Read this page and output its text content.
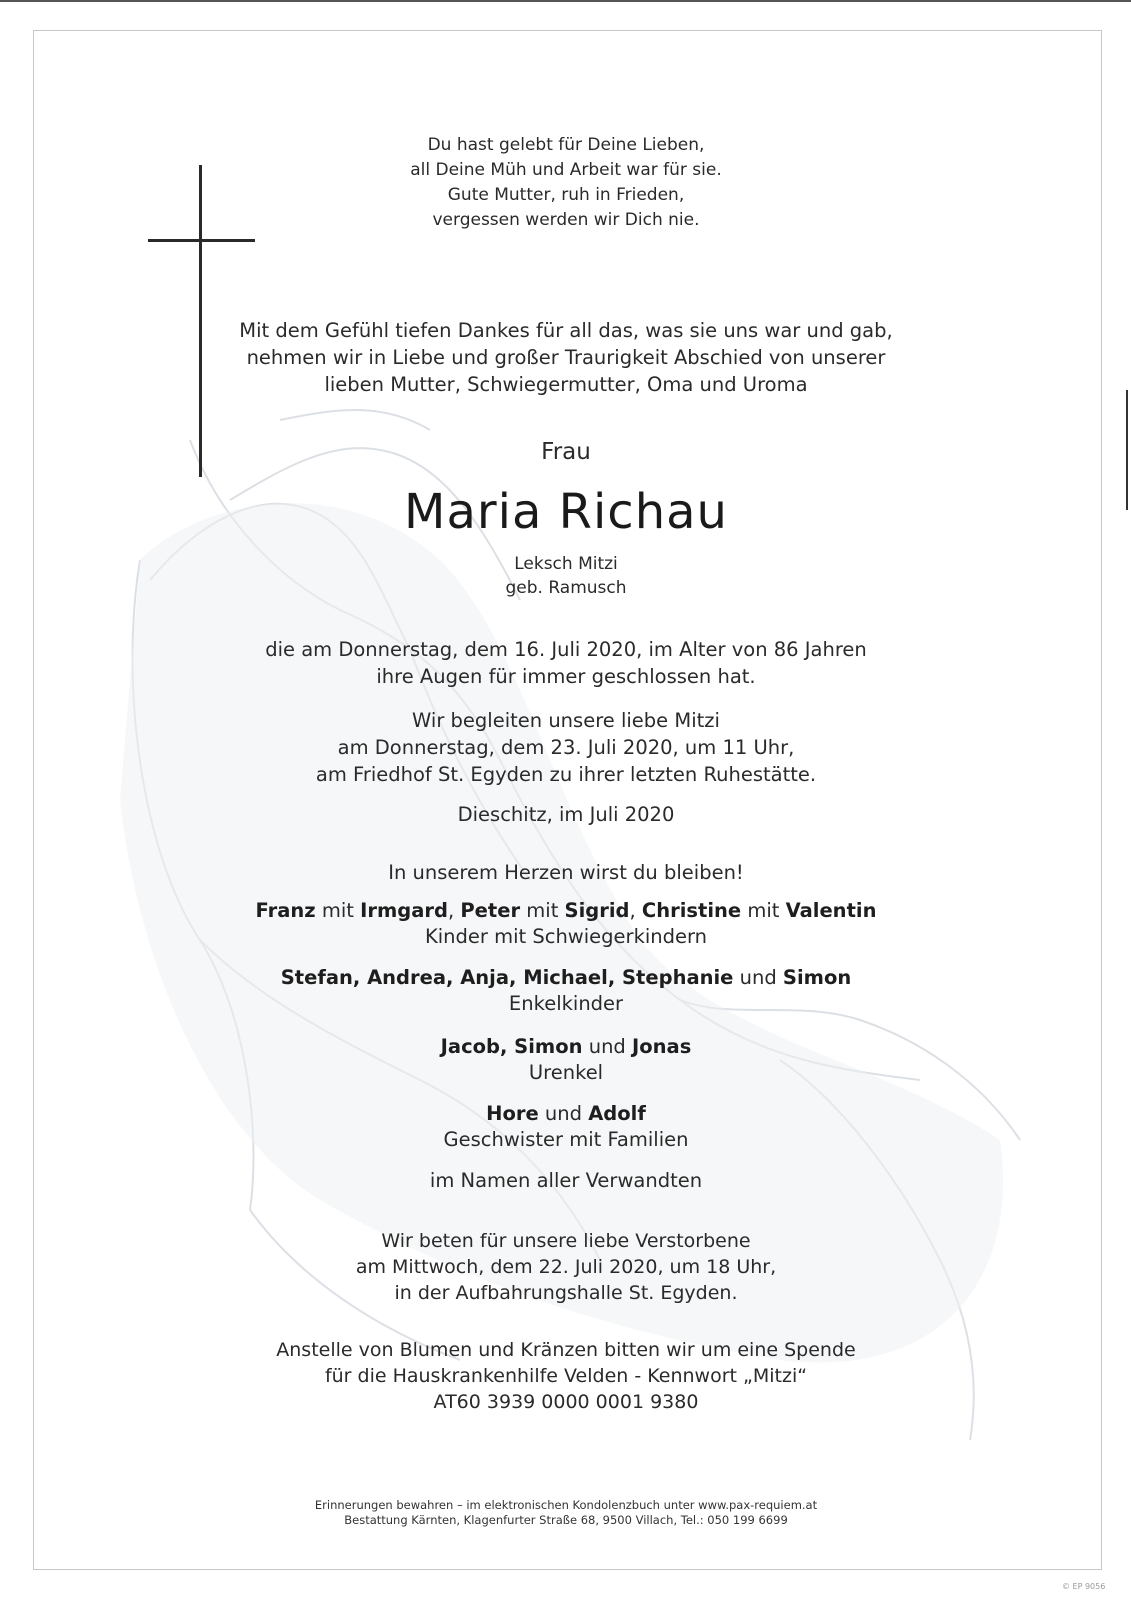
Du hast gelebt für Deine Lieben,
all Deine Müh und Arbeit war für sie.
Gute Mutter, ruh in Frieden,
vergessen werden wir Dich nie.
Mit dem Gefühl tiefen Dankes für all das, was sie uns war und gab,
nehmen wir in Liebe und großer Traurigkeit Abschied von unserer
lieben Mutter, Schwiegermutter, Oma und Uroma
Frau
Maria Richau
Leksch Mitzi
geb. Ramusch
die am Donnerstag, dem 16. Juli 2020, im Alter von 86 Jahren
ihre Augen für immer geschlossen hat.
Wir begleiten unsere liebe Mitzi
am Donnerstag, dem 23. Juli 2020, um 11 Uhr,
am Friedhof St. Egyden zu ihrer letzten Ruhestätte.
Dieschitz, im Juli 2020
In unserem Herzen wirst du bleiben!
Franz mit Irmgard, Peter mit Sigrid, Christine mit Valentin
Kinder mit Schwiegerkindern
Stefan, Andrea, Anja, Michael, Stephanie und Simon
Enkelkinder
Jacob, Simon und Jonas
Urenkel
Hore und Adolf
Geschwister mit Familien
im Namen aller Verwandten
Wir beten für unsere liebe Verstorbene
am Mittwoch, dem 22. Juli 2020, um 18 Uhr,
in der Aufbahrungshalle St. Egyden.
Anstelle von Blumen und Kränzen bitten wir um eine Spende
für die Hauskrankenhilfe Velden - Kennwort „Mitzi“
AT60 3939 0000 0001 9380
Erinnerungen bewahren – im elektronischen Kondolenzbuch unter www.pax-requiem.at
Bestattung Kärnten, Klagenfurter Straße 68, 9500 Villach, Tel.: 050 199 6699
© EP 9056
